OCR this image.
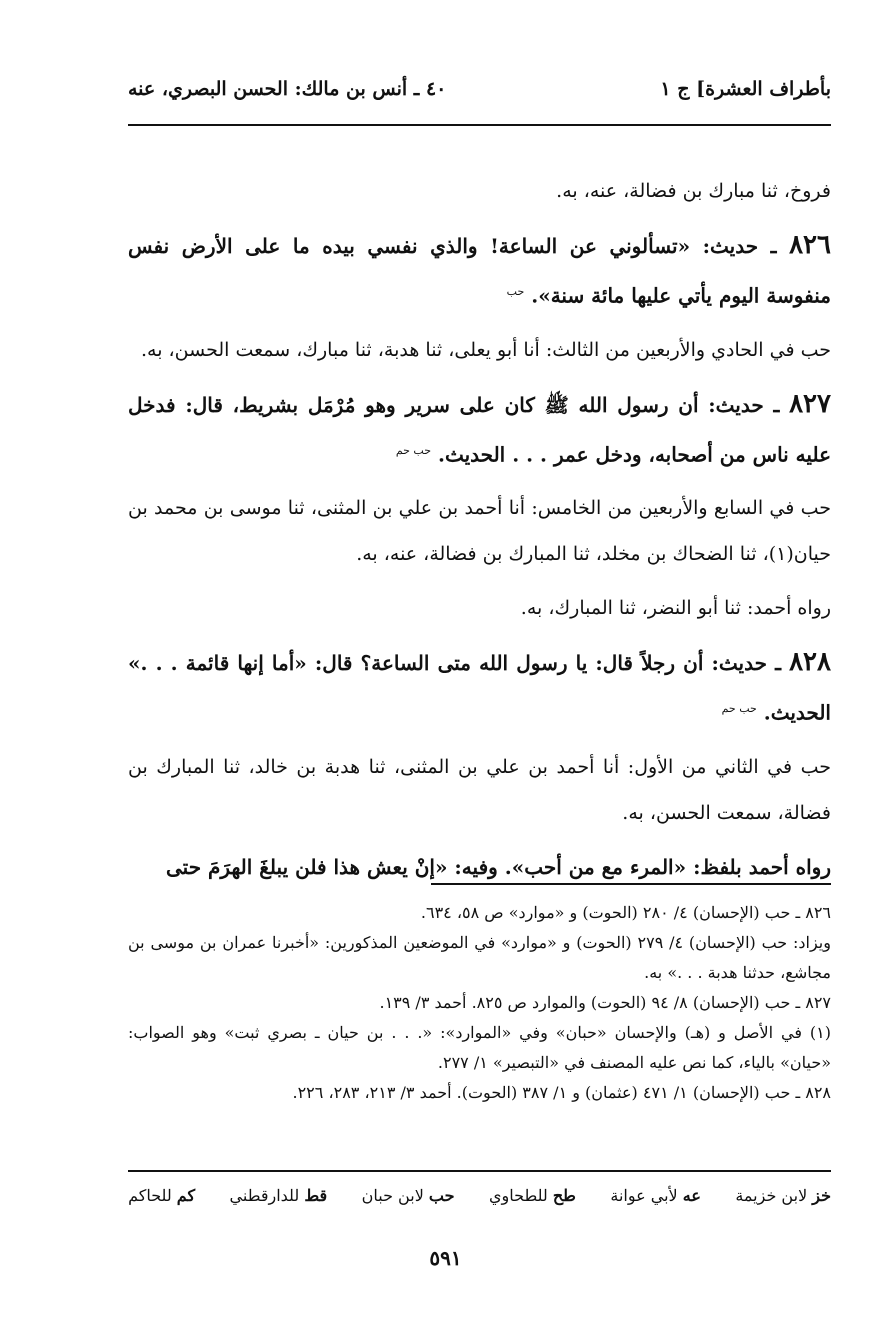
بأطراف العشرة] ج ١
٤٠ ـ أنس بن مالك: الحسن البصري، عنه

فروخ، ثنا مبارك بن فضالة، عنه، به.

٨٢٦ ـ حديث: «تسألوني عن الساعة! والذي نفسي بيده ما على الأرض نفس منفوسة اليوم يأتي عليها مائة سنة». $^{حب}$

حب في الحادي والأربعين من الثالث: أنا أبو يعلى، ثنا هدبة، ثنا مبارك، سمعت الحسن، به.

٨٢٧ ـ حديث: أن رسول الله ﷺ كان على سرير وهو مُرْمَل بشريط، قال: فدخل عليه ناس من أصحابه، ودخل عمر . . . الحديث. $^{حب حم}$

حب في السابع والأربعين من الخامس: أنا أحمد بن علي بن المثنى، ثنا موسى بن محمد بن حيان(١)، ثنا الضحاك بن مخلد، ثنا المبارك بن فضالة، عنه، به.

رواه أحمد: ثنا أبو النضر، ثنا المبارك، به.

٨٢٨ ـ حديث: أن رجلاً قال: يا رسول الله متى الساعة؟ قال: «أما إنها قائمة . . .» الحديث. $^{حب حم}$

حب في الثاني من الأول: أنا أحمد بن علي بن المثنى، ثنا هدبة بن خالد، ثنا المبارك بن فضالة، سمعت الحسن، به.

رواه أحمد بلفظ: «المرء مع من أحب». وفيه: «إنْ يعش هذا فلن يبلغَ الهرَمَ حتى

٨٢٦ ـ حب (الإحسان) ٤/ ٢٨٠ (الحوت) و «موارد» ص ٥٨، ٦٣٤.

ويزاد: حب (الإحسان) ٤/ ٢٧٩ (الحوت) و «موارد» في الموضعين المذكورين: «أخبرنا عمران بن موسى بن مجاشع، حدثنا هدبة . . .» به.

٨٢٧ ـ حب (الإحسان) ٨/ ٩٤ (الحوت) والموارد ص ٨٢٥. أحمد ٣/ ١٣٩.

(١) في الأصل و (هـ) والإحسان «حبان» وفي «الموارد»: «. . . بن حيان ـ بصري ثبت» وهو الصواب: «حيان» بالياء، كما نص عليه المصنف في «التبصير» ١/ ٢٧٧.

٨٢٨ ـ حب (الإحسان) ١/ ٤٧١ (عثمان) و ١/ ٣٨٧ (الحوت). أحمد ٣/ ٢١٣، ٢٨٣، ٢٢٦.

خز لابن خزيمة
عه لأبي عوانة
طح للطحاوي
حب لابن حبان
قط للدارقطني
كم للحاكم
٥٩١
